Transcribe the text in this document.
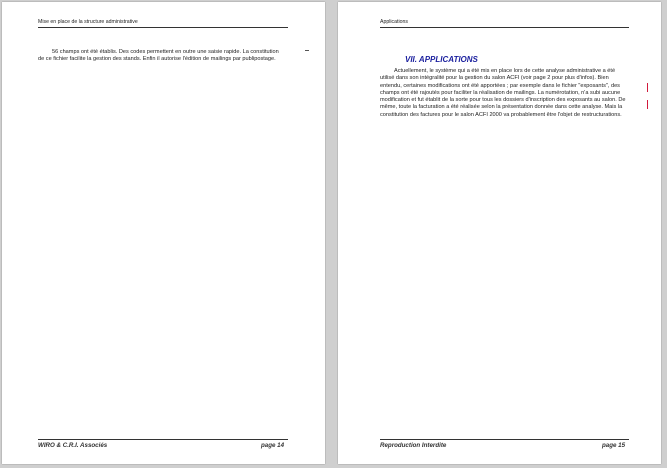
Mise en place de la structure administrative

56 champs ont été établis. Des codes permettent en outre une saisie rapide. La constitution de ce fichier facilite la gestion des stands. Enfin il autorise l'édition de mailings par publipostage.

WIRO & C.R.I. Associés	page 14
Applications
VII. APPLICATIONS

Actuellement, le système qui a été mis en place lors de cette analyse administrative a été utilisé dans son intégralité pour la gestion du salon ACFI (voir page 2 pour plus d'infos). Bien entendu, certaines modifications ont été apportées ; par exemple dans le fichier "exposants", des champs ont été rajoutés pour faciliter la réalisation de mailings. La numérotation, n'a subi aucune modification et fut établit de la sorte pour tous les dossiers d'inscription des exposants au salon. De même, toute la facturation a été réalisée selon la présentation donnée dans cette analyse. Mais la constitution des factures pour le salon ACFI 2000 va probablement être l'objet de restructurations.

Reproduction Interdite	page 15
